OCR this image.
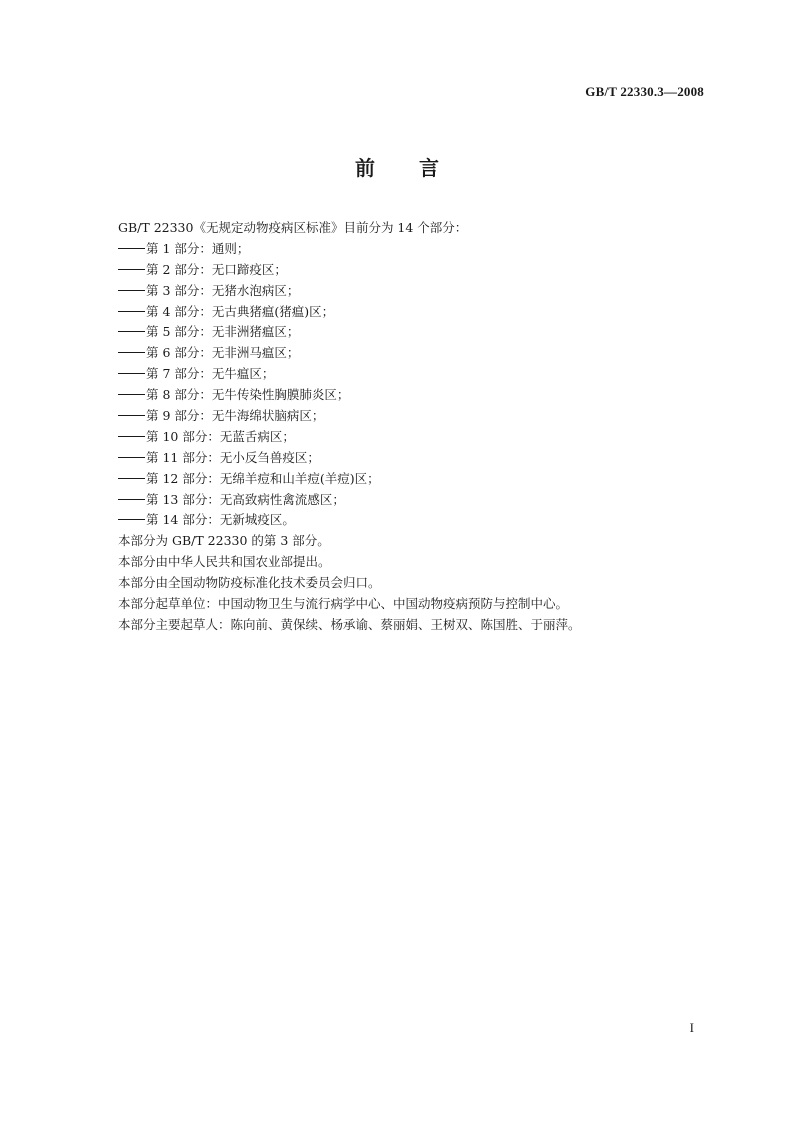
GB/T 22330.3—2008
前言
GB/T 22330《无规定动物疫病区标准》目前分为 14 个部分：
第 1 部分：通则；
第 2 部分：无口蹄疫区；
第 3 部分：无猪水泡病区；
第 4 部分：无古典猪瘟(猪瘟)区；
第 5 部分：无非洲猪瘟区；
第 6 部分：无非洲马瘟区；
第 7 部分：无牛瘟区；
第 8 部分：无牛传染性胸膜肺炎区；
第 9 部分：无牛海绵状脑病区；
第 10 部分：无蓝舌病区；
第 11 部分：无小反刍兽疫区；
第 12 部分：无绵羊痘和山羊痘(羊痘)区；
第 13 部分：无高致病性禽流感区；
第 14 部分：无新城疫区。
本部分为 GB/T 22330 的第 3 部分。
本部分由中华人民共和国农业部提出。
本部分由全国动物防疫标准化技术委员会归口。
本部分起草单位：中国动物卫生与流行病学中心、中国动物疫病预防与控制中心。
本部分主要起草人：陈向前、黄保续、杨承谕、蔡丽娟、王树双、陈国胜、于丽萍。
I
